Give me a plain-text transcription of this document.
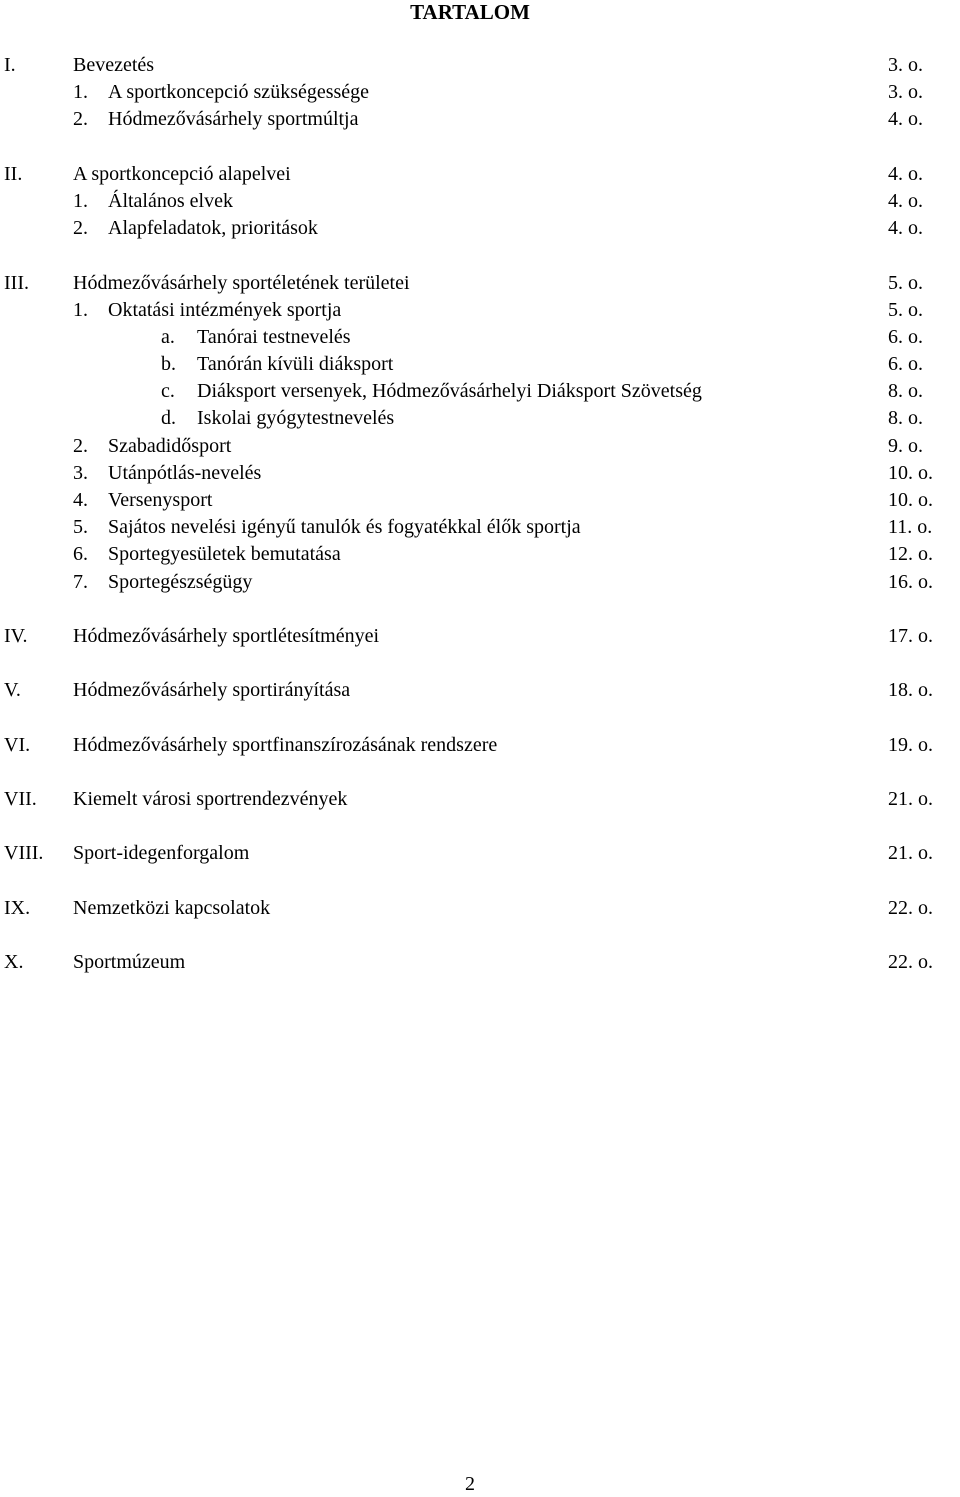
TARTALOM
I.	Bevezetés	3. o.
1. A sportkoncepció szükségessége	3. o.
2. Hódmezővásárhely sportmúltja	4. o.
II.	A sportkoncepció alapelvei	4. o.
1. Általános elvek	4. o.
2. Alapfeladatok, prioritások	4. o.
III. Hódmezővásárhely sportéletének területei	5. o.
1. Oktatási intézmények sportja	5. o.
a. Tanórai testnevelés	6. o.
b. Tanórán kívüli diáksport	6. o.
c. Diáksport versenyek, Hódmezővásárhelyi Diáksport Szövetség	8. o.
d. Iskolai gyógytestnevelés	8. o.
2. Szabadidősport	9. o.
3. Utánpótlás-nevelés	10. o.
4. Versenysport	10. o.
5. Sajátos nevelési igényű tanulók és fogyatékkal élők sportja	11. o.
6. Sportegyesületek bemutatása	12. o.
7. Sportegészségügy	16. o.
IV. Hódmezővásárhely sportlétesítményei	17. o.
V.	Hódmezővásárhely sportirányítása	18. o.
VI. Hódmezővásárhely sportfinanszírozásának rendszere	19. o.
VII. Kiemelt városi sportrendezvények	21. o.
VIII. Sport-idegenforgalom	21. o.
IX. Nemzetközi kapcsolatok	22. o.
X. Sportmúzeum	22. o.
2
